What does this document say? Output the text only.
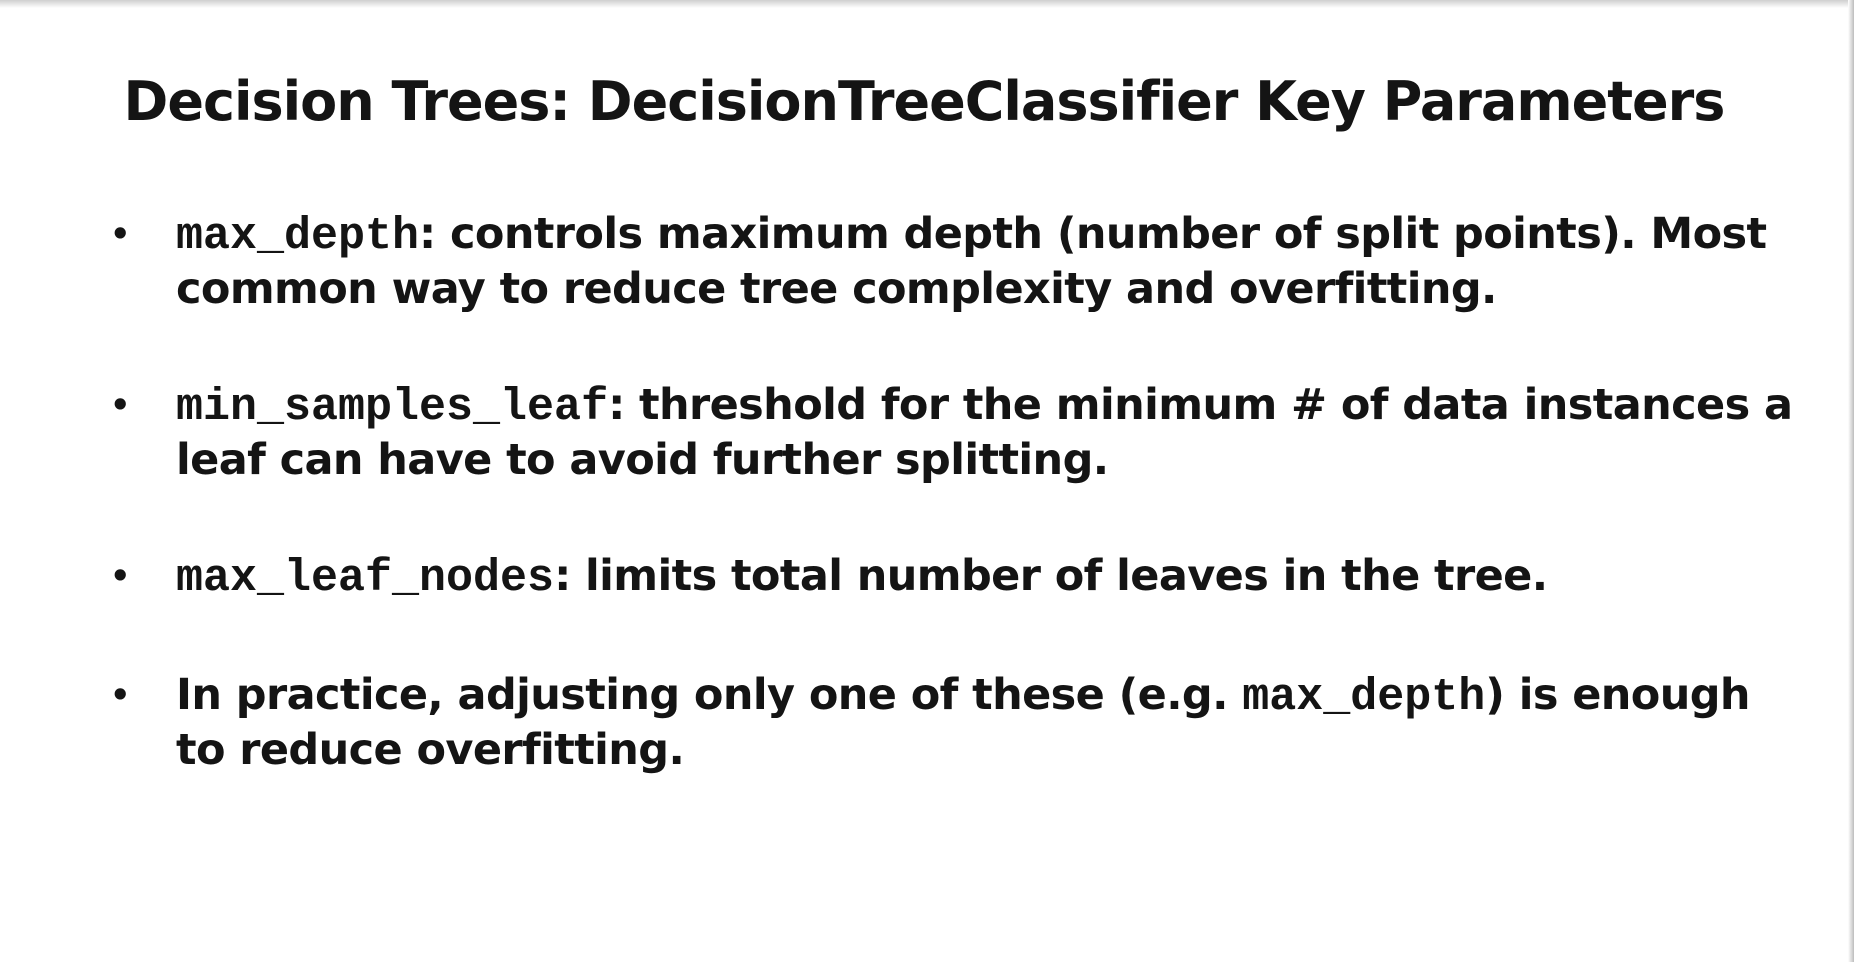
Decision Trees: DecisionTreeClassifier Key Parameters
• max_depth: controls maximum depth (number of split points). Most common way to reduce tree complexity and overfitting.
• min_samples_leaf: threshold for the minimum # of data instances a leaf can have to avoid further splitting.
• max_leaf_nodes: limits total number of leaves in the tree.
• In practice, adjusting only one of these (e.g. max_depth) is enough to reduce overfitting.
